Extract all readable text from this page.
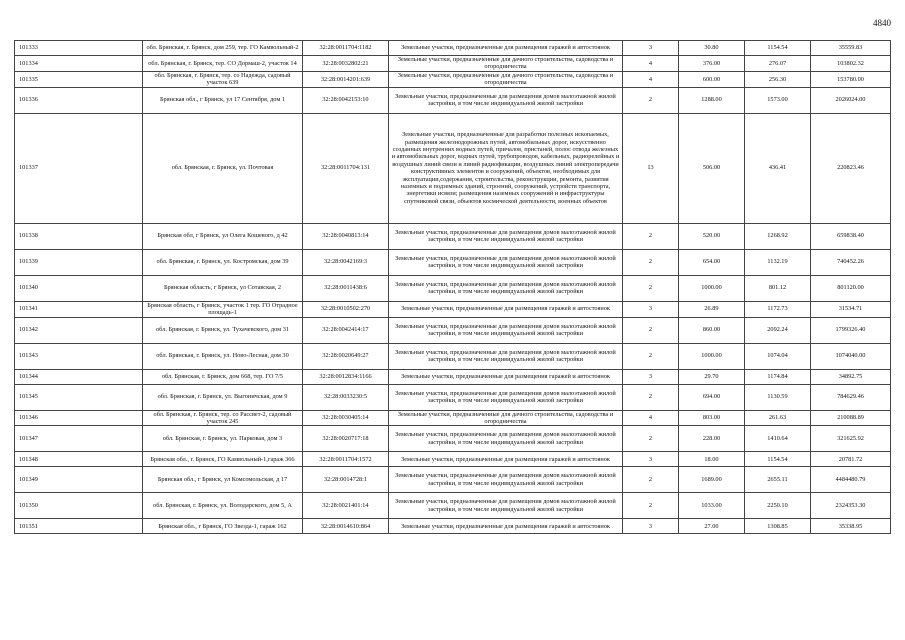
4840
101333	обл. Брянская, г. Брянск, дом 259, тер. ГО Камвольный-2	32:28:0011704:1182	Земельные участки, предназначенные для размещения гаражей и автостоянок	3	30.80	1154.54	35559.83
101334	обл. Брянская, г. Брянск, тер. СО Дормаш-2, участок 14	32:28:0032802:21	Земельные участки, предназначенные для дачного строительства, садоводства и огородничества	4	376.00	276.07	103802.32
101335	обл. Брянская, г. Брянск, тер. со Надежда, садовый участок 639	32:28:0014201:639	Земельные участки, предназначенные для дачного строительства, садоводства и огородничества	4	600.00	256.30	153780.00
101336	Брянская обл., г Брянск, ул 17 Сентября, дом 1	32:28:0042153:10	Земельные участки, предназначенные для размещения домов малоэтажной жилой застройки, в том числе индивидуальной жилой застройки	2	1288.00	1573.00	2026024.00
101337	обл. Брянская, г. Брянск, ул. Почтовая	32:28:0011704:131	Земельные участки, предназначенные для разработки полезных ископаемых, размещения железнодорожных путей, автомобильных дорог, искусственно созданных внутренних водных путей, причалов, пристаней, полос отвода железных и автомобильных дорог, водных путей, трубопроводов, кабельных, радиорелейных и воздушных линий связи и линий радиофикации, воздушных линий электропередачи конструктивных элементов и сооружений, объектов, необходимых для эксплуатации,содержания, строительства, реконструкции, ремонта, развития наземных и подземных зданий, строений, сооружений, устройств транспорта, энергетики исвязи; размещения наземных сооружений и инфраструктуры спутниковой связи, объектов космической деятельности, военных объектов	13	506.00	436.41	220823.46
101338	Брянская обл, г Брянск, ул Олега Кошевого, д 42	32:28:0040813:14	Земельные участки, предназначенные для размещения домов малоэтажной жилой застройки, в том числе индивидуальной жилой застройки	2	520.00	1268.92	659838.40
101339	обл. Брянская, г. Брянск, ул. Костромская, дом 39	32:28:0042169:3	Земельные участки, предназначенные для размещения домов малоэтажной жилой застройки, в том числе индивидуальной жилой застройки	2	654.00	1132.19	740452.26
101340	Брянская область, г Брянск, ул Сотавская, 2	32:28:0011438:6	Земельные участки, предназначенные для размещения домов малоэтажной жилой застройки, в том числе индивидуальной жилой застройки	2	1000.00	801.12	801120.00
101341	Брянская область, г Брянск, участок 1 тер. ГО Отрадное площадь-1	32:28:0010502:270	Земельные участки, предназначенные для размещения гаражей и автостоянок	3	26.89	1172.73	31534.71
101342	обл. Брянская, г. Брянск, ул. Тухачевского, дом 31	32:28:0042414:17	Земельные участки, предназначенные для размещения домов малоэтажной жилой застройки, в том числе индивидуальной жилой застройки	2	860.00	2092.24	1799326.40
101343	обл. Брянская, г. Брянск, ул. Ново-Лесная, дом 30	32:28:0020649:27	Земельные участки, предназначенные для размещения домов малоэтажной жилой застройки, в том числе индивидуальной жилой застройки	2	1000.00	1074.04	1074040.00
101344	обл. Брянская, г. Брянск, дом 668, тер. ГО 7/5	32:28:0012834:1166	Земельные участки, предназначенные для размещения гаражей и автостоянок	3	29.70	1174.84	34892.75
101345	обл. Брянская, г. Брянск, ул. Выгоничская, дом 9	32:28:0033230:5	Земельные участки, предназначенные для размещения домов малоэтажной жилой застройки, в том числе индивидуальной жилой застройки	2	694.00	1130.59	784629.46
101346	обл. Брянская, г. Брянск, тер. со Рассвет-2, садовый участок 245	32:28:0030405:14	Земельные участки, предназначенные для дачного строительства, садоводства и огородничества	4	803.00	261.63	210088.89
101347	обл. Брянская, г. Брянск, ул. Парковая, дом 3	32:28:0020717:18	Земельные участки, предназначенные для размещения домов малоэтажной жилой застройки, в том числе индивидуальной жилой застройки	2	228.00	1410.64	321625.92
101348	Брянская обл., г. Брянск, ГО Камвольный-1,гараж 366	32:28:0011704:1572	Земельные участки, предназначенные для размещения гаражей и автостоянок	3	18.00	1154.54	20781.72
101349	Брянская обл., г Брянск, ул Комсомольская, д 17	32:28:0014728:1	Земельные участки, предназначенные для размещения домов малоэтажной жилой застройки, в том числе индивидуальной жилой застройки	2	1689.00	2655.11	4484480.79
101350	обл. Брянская, г. Брянск, ул. Володарского, дом 5, А	32:28:0021401:14	Земельные участки, предназначенные для размещения домов малоэтажной жилой застройки, в том числе индивидуальной жилой застройки	2	1033.00	2250.10	2324353.30
101351	Брянская обл., г Брянск, ГО Звезда-1, гараж 162	32:28:0014610:864	Земельные участки, предназначенные для размещения гаражей и автостоянок	3	27.00	1308.85	35338.95
